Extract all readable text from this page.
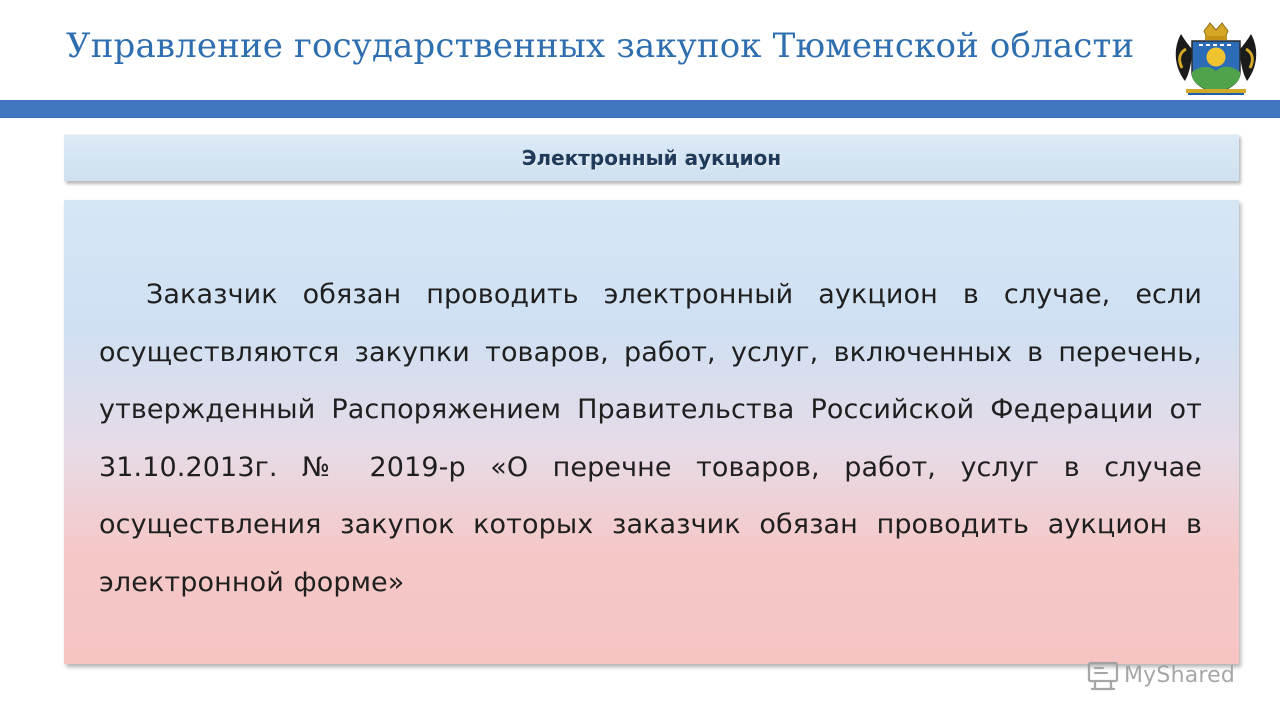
Управление государственных закупок Тюменской области
Электронный аукцион

Заказчик обязан проводить электронный аукцион в случае, если осуществляются закупки товаров, работ, услуг, включенных в перечень, утвержденный Распоряжением Правительства Российской Федерации от 31.10.2013г. № 2019-р «О перечне товаров, работ, услуг в случае осуществления закупок которых заказчик обязан проводить аукцион в электронной форме»

MyShared
